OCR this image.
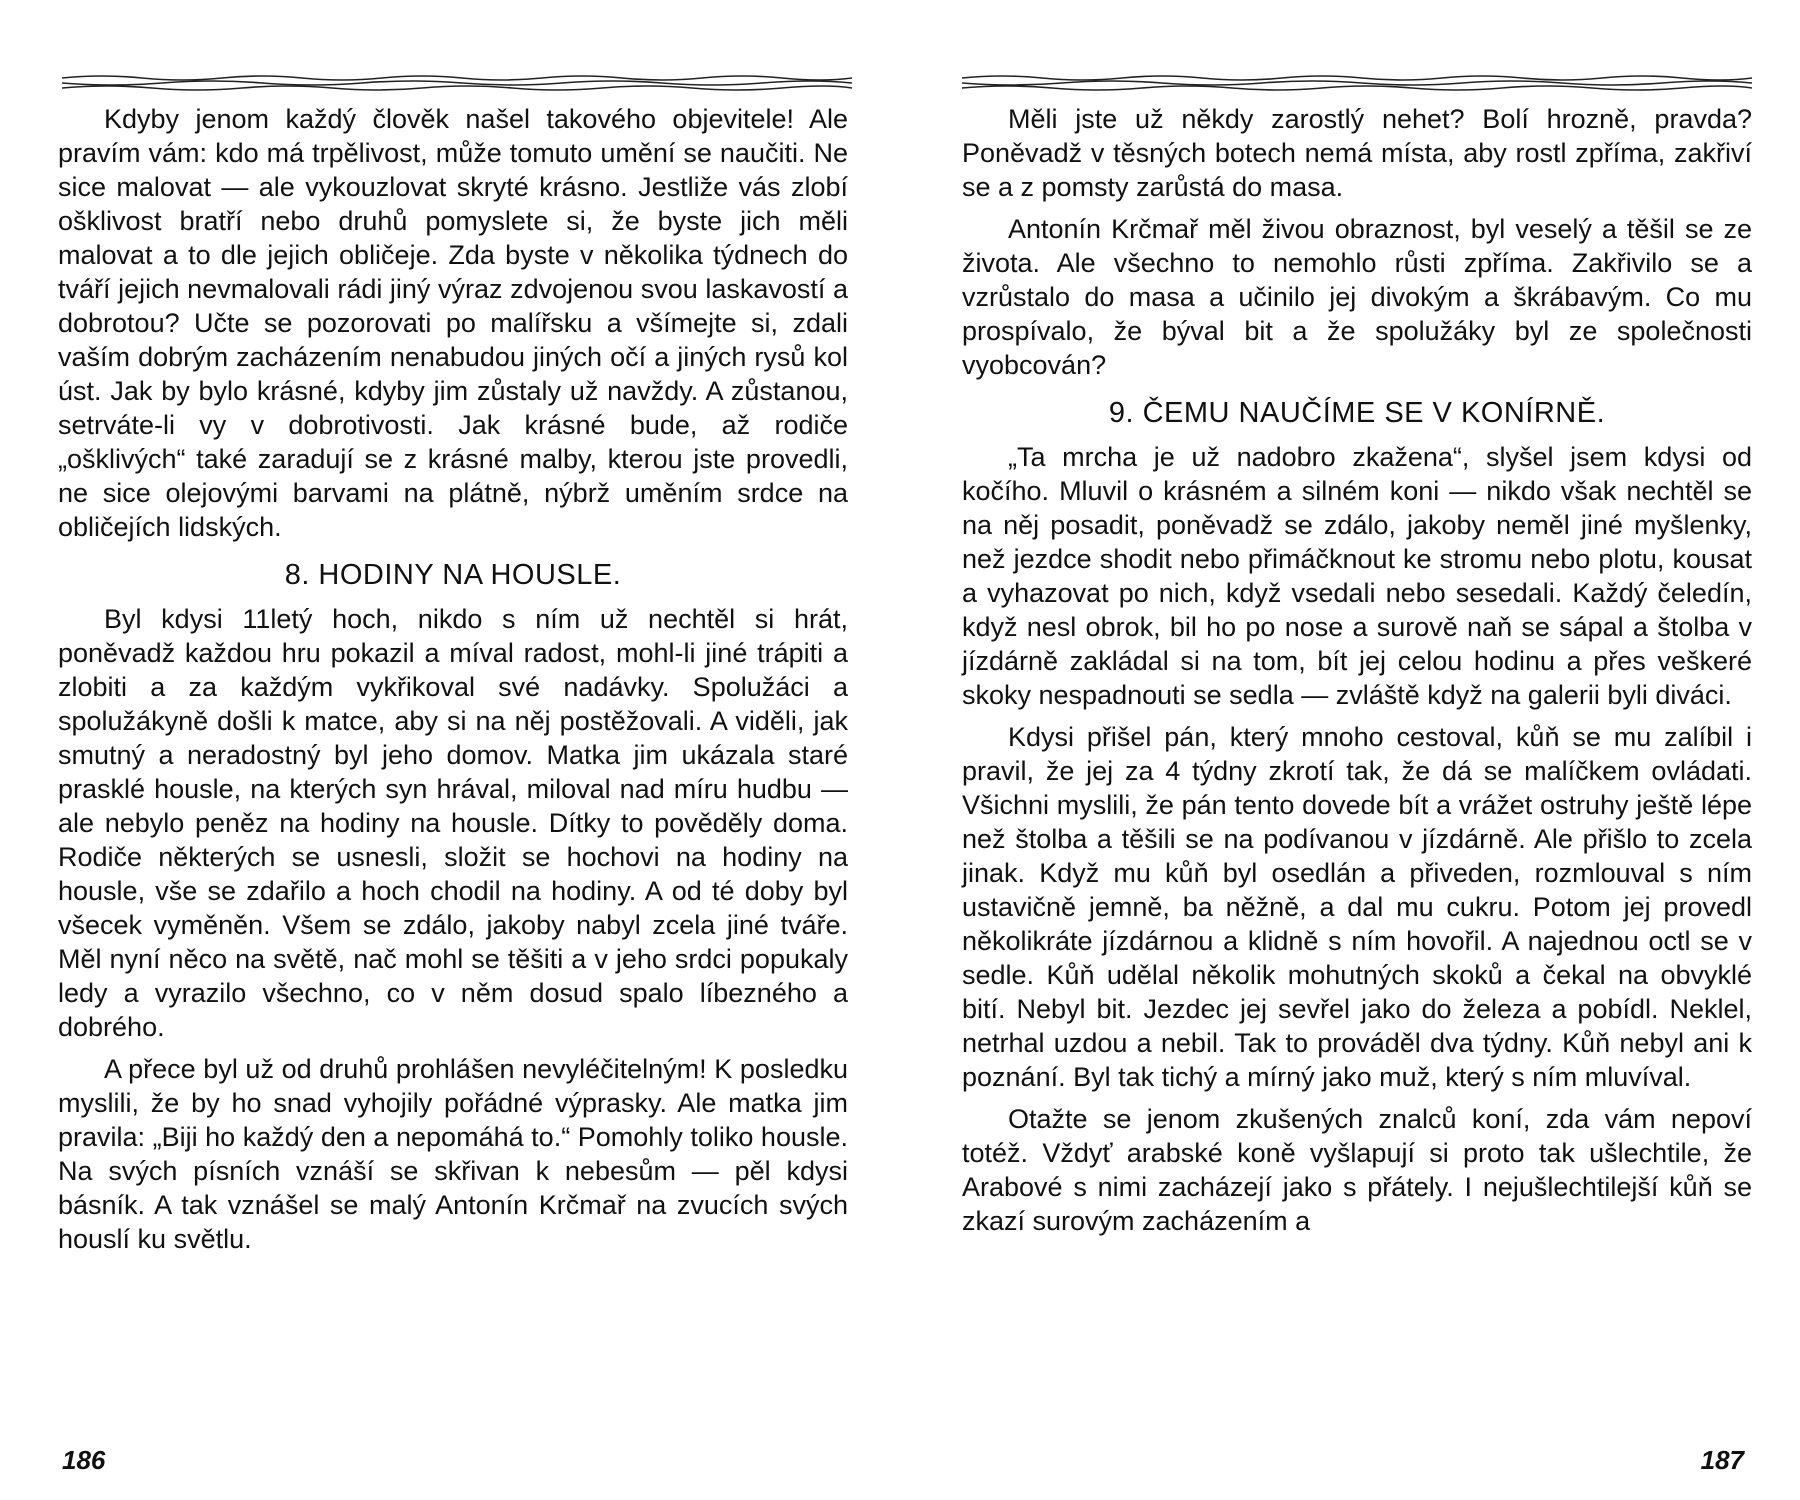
Kdyby jenom každý člověk našel takového objevitele! Ale pravím vám: kdo má trpělivost, může tomuto umění se naučiti. Ne sice malovat — ale vykouzlovat skryté krásno. Jestliže vás zlobí ošklivost bratří nebo druhů pomyslete si, že byste jich měli malovat a to dle jejich obličeje. Zda byste v několika týdnech do tváří jejich nevmalovali rádi jiný výraz zdvojenou svou laskavostí a dobrotou? Učte se pozorovati po malířsku a všímejte si, zdali vaším dobrým zacházením nenabudou jiných očí a jiných rysů kol úst. Jak by bylo krásné, kdyby jim zůstaly už navždy. A zůstanou, setrváte-li vy v dobrotivosti. Jak krásné bude, až rodiče „ošklivých“ také zaradují se z krásné malby, kterou jste provedli, ne sice olejovými barvami na plátně, nýbrž uměním srdce na obličejích lidských.

8. HODINY NA HOUSLE.

Byl kdysi 11letý hoch, nikdo s ním už nechtěl si hrát, poněvadž každou hru pokazil a míval radost, mohl-li jiné trápiti a zlobiti a za každým vykřikoval své nadávky. Spolužáci a spolužákyně došli k matce, aby si na něj postěžovali. A viděli, jak smutný a neradostný byl jeho domov. Matka jim ukázala staré prasklé housle, na kterých syn hrával, miloval nad míru hudbu — ale nebylo peněz na hodiny na housle. Dítky to pověděly doma. Rodiče některých se usnesli, složit se hochovi na hodiny na housle, vše se zdařilo a hoch chodil na hodiny. A od té doby byl všecek vyměněn. Všem se zdálo, jakoby nabyl zcela jiné tváře. Měl nyní něco na světě, nač mohl se těšiti a v jeho srdci popukaly ledy a vyrazilo všechno, co v něm dosud spalo líbezného a dobrého.

A přece byl už od druhů prohlášen nevyléčitelným! K posledku myslili, že by ho snad vyhojily pořádné výprasky. Ale matka jim pravila: „Biji ho každý den a nepomáhá to.“ Pomohly toliko housle. Na svých písních vznáší se skřivan k nebesům — pěl kdysi básník. A tak vznášel se malý Antonín Krčmař na zvucích svých houslí ku světlu.

186

Měli jste už někdy zarostlý nehet? Bolí hrozně, pravda? Poněvadž v těsných botech nemá místa, aby rostl zpříma, zakřiví se a z pomsty zarůstá do masa.

Antonín Krčmař měl živou obraznost, byl veselý a těšil se ze života. Ale všechno to nemohlo růsti zpříma. Zakřivilo se a vzrůstalo do masa a učinilo jej divokým a škrábavým. Co mu prospívalo, že býval bit a že spolužáky byl ze společnosti vyobcován?

9. ČEMU NAUČÍME SE V KONÍRNĚ.

„Ta mrcha je už nadobro zkažena“, slyšel jsem kdysi od kočího. Mluvil o krásném a silném koni — nikdo však nechtěl se na něj posadit, poněvadž se zdálo, jakoby neměl jiné myšlenky, než jezdce shodit nebo přimáčknout ke stromu nebo plotu, kousat a vyhazovat po nich, když vsedali nebo sesedali. Každý čeledín, když nesl obrok, bil ho po nose a surově naň se sápal a štolba v jízdárně zakládal si na tom, bít jej celou hodinu a přes veškeré skoky nespadnouti se sedla — zvláště když na galerii byli diváci.

Kdysi přišel pán, který mnoho cestoval, kůň se mu zalíbil i pravil, že jej za 4 týdny zkrotí tak, že dá se malíčkem ovládati. Všichni myslili, že pán tento dovede bít a vrážet ostruhy ještě lépe než štolba a těšili se na podívanou v jízdárně. Ale přišlo to zcela jinak. Když mu kůň byl osedlán a přiveden, rozmlouval s ním ustavičně jemně, ba něžně, a dal mu cukru. Potom jej provedl několikráte jízdárnou a klidně s ním hovořil. A najednou octl se v sedle. Kůň udělal několik mohutných skoků a čekal na obvyklé bití. Nebyl bit. Jezdec jej sevřel jako do železa a pobídl. Neklel, netrhal uzdou a nebil. Tak to prováděl dva týdny. Kůň nebyl ani k poznání. Byl tak tichý a mírný jako muž, který s ním mluvíval.

Otažte se jenom zkušených znalců koní, zda vám nepoví totéž. Vždyť arabské koně vyšlapují si proto tak ušlechtile, že Arabové s nimi zacházejí jako s přátely. I nejušlechtilejší kůň se zkazí surovým zacházením a

187
